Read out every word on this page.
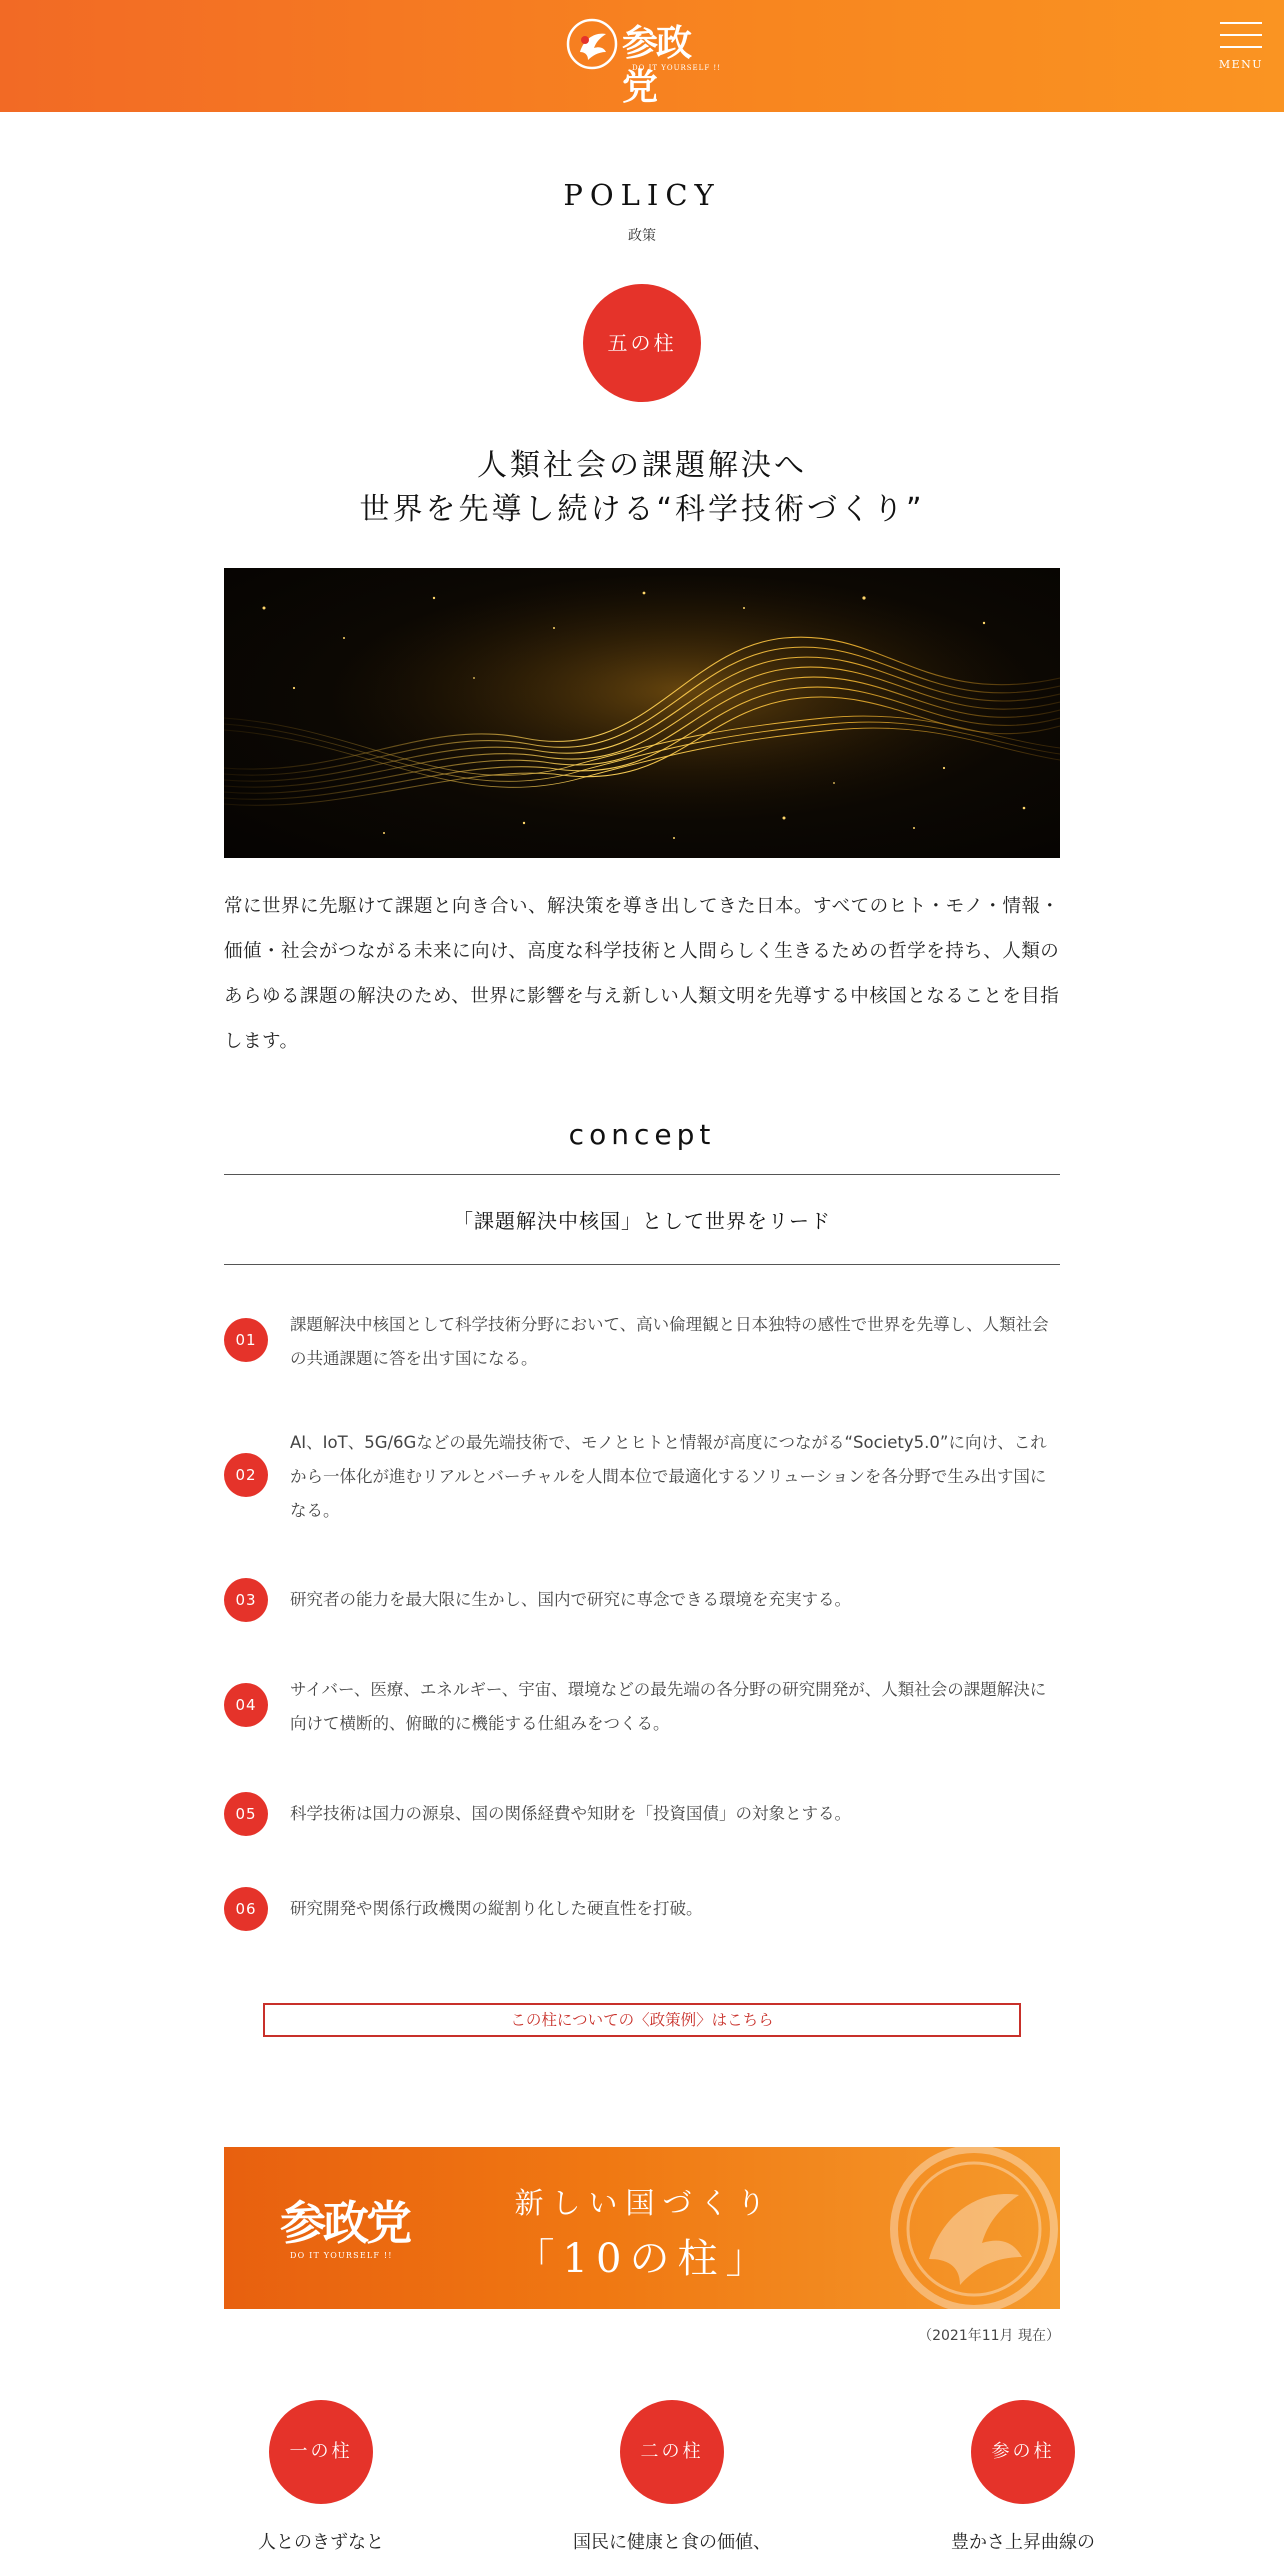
参政党
DO IT YOURSELF !!	MENU
POLICY
政策
五の柱
人類社会の課題解決へ
世界を先導し続ける“科学技術づくり”
常に世界に先駆けて課題と向き合い、解決策を導き出してきた日本。すべてのヒト・モノ・情報・価値・社会がつながる未来に向け、高度な科学技術と人間らしく生きるための哲学を持ち、人類のあらゆる課題の解決のため、世界に影響を与え新しい人類文明を先導する中核国となることを目指します。
concept
「課題解決中核国」として世界をリード
01
課題解決中核国として科学技術分野において、高い倫理観と日本独特の感性で世界を先導し、人類社会の共通課題に答を出す国になる。
02
AI、IoT、5G/6Gなどの最先端技術で、モノとヒトと情報が高度につながる“Society5.0”に向け、これから一体化が進むリアルとバーチャルを人間本位で最適化するソリューションを各分野で生み出す国になる。
03	研究者の能力を最大限に生かし、国内で研究に専念できる環境を充実する。
04
サイバー、医療、エネルギー、宇宙、環境などの最先端の各分野の研究開発が、人類社会の課題解決に向けて横断的、俯瞰的に機能する仕組みをつくる。
05	科学技術は国力の源泉、国の関係経費や知財を「投資国債」の対象とする。
06	研究開発や関係行政機関の縦割り化した硬直性を打破。
この柱についての〈政策例〉はこちら
参政党
DO IT YOURSELF !!
新しい国づくり
「10の柱」
（2021年11月 現在）
一の柱
人とのきずなと
二の柱
国民に健康と食の価値、
参の柱
豊かさ上昇曲線の
